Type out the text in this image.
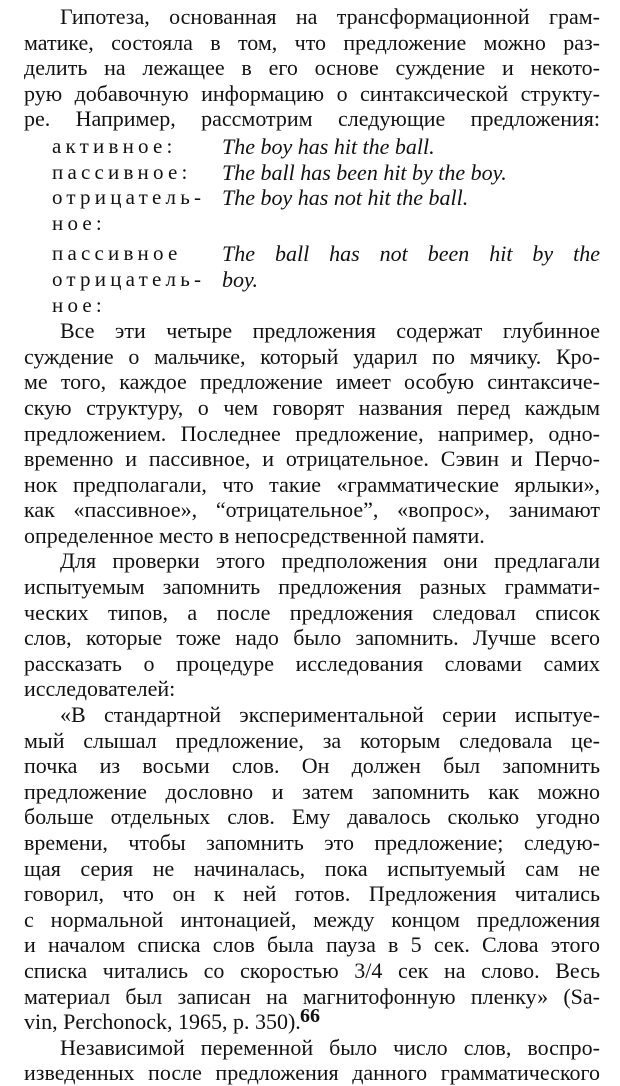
Гипотеза, основанная на трансформационной грам-
матике, состояла в том, что предложение можно раз-
делить на лежащее в его основе суждение и некото-
рую добавочную информацию о синтаксической структу-
ре. Например, рассмотрим следующие предложения:
активное:	The boy has hit the ball.
пассивное:	The ball has been hit by the boy.
отрицатель-
ное:
The boy has not hit the ball.
пассивное
отрицатель-
ное:
The ball has not been hit by the
boy.
Все эти четыре предложения содержат глубинное
суждение о мальчике, который ударил по мячику. Кро-
ме того, каждое предложение имеет особую синтаксиче-
скую структуру, о чем говорят названия перед каждым
предложением. Последнее предложение, например, одно-
временно и пассивное, и отрицательное. Сэвин и Перчо-
нок предполагали, что такие «грамматические ярлыки»,
как «пассивное», “отрицательное”, «вопрос», занимают
определенное место в непосредственной памяти.
Для проверки этого предположения они предлагали
испытуемым запомнить предложения разных граммати-
ческих типов, а после предложения следовал список
слов, которые тоже надо было запомнить. Лучше всего
рассказать о процедуре исследования словами самих
исследователей:
«В стандартной экспериментальной серии испытуе-
мый слышал предложение, за которым следовала це-
почка из восьми слов. Он должен был запомнить
предложение дословно и затем запомнить как можно
больше отдельных слов. Ему давалось сколько угодно
времени, чтобы запомнить это предложение; следую-
щая серия не начиналась, пока испытуемый сам не
говорил, что он к ней готов. Предложения читались
с нормальной интонацией, между концом предложения
и началом списка слов была пауза в 5 сек. Слова этого
списка читались со скоростью 3/4 сек на слово. Весь
материал был записан на магнитофонную пленку» (Sa-
vin, Perchonock, 1965, p. 350).
Независимой переменной было число слов, воспро-
изведенных после предложения данного грамматического
66
